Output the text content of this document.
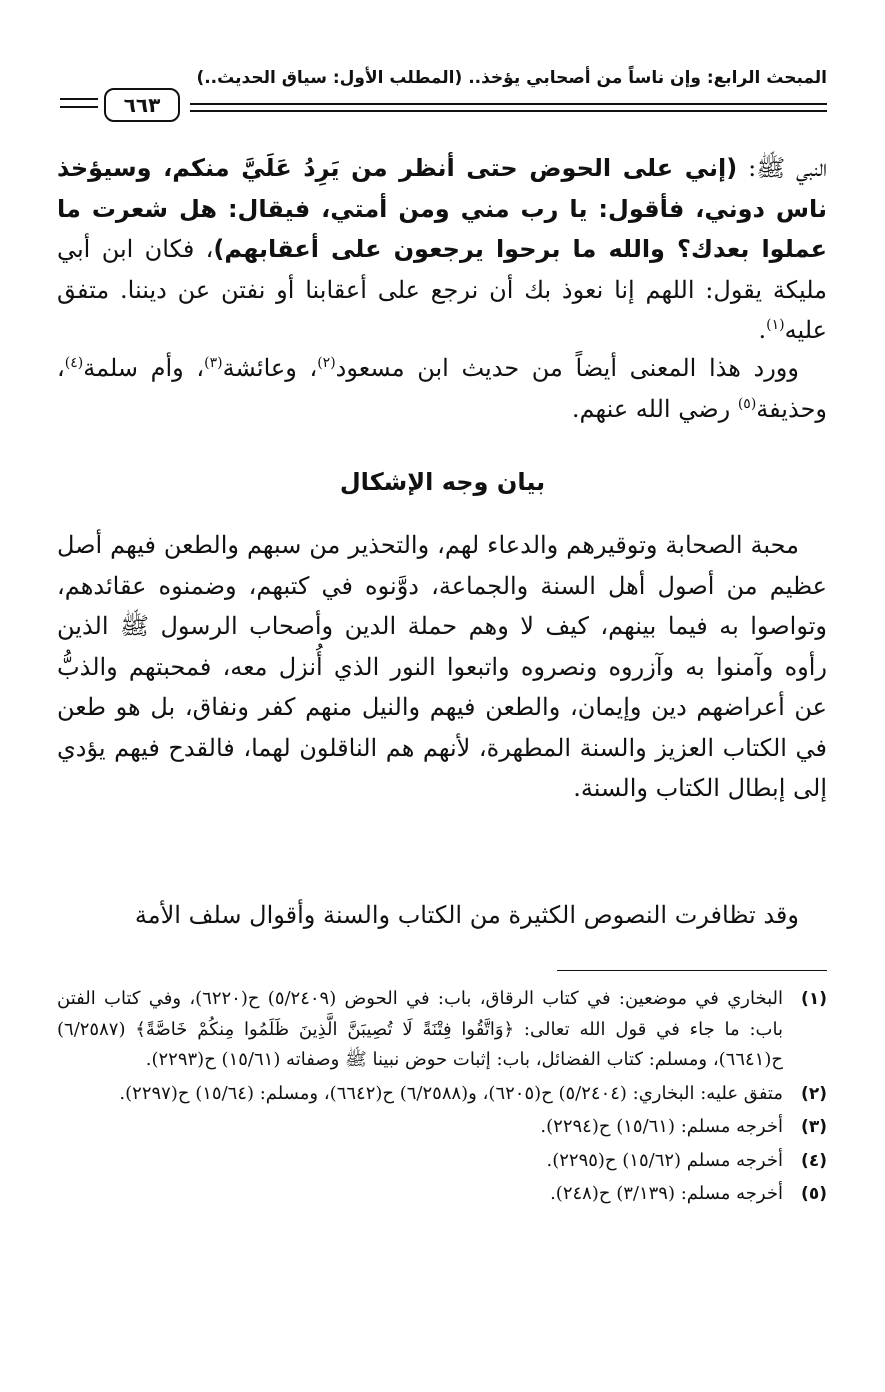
المبحث الرابع: وإن ناساً من أصحابي يؤخذ.. (المطلب الأول: سياق الحديث..)
٦٦٣
النبي ﷺ: (إني على الحوض حتى أنظر من يَرِدُ عَلَيَّ منكم، وسيؤخذ ناس دوني، فأقول: يا رب مني ومن أمتي، فيقال: هل شعرت ما عملوا بعدك؟ والله ما برحوا يرجعون على أعقابهم)، فكان ابن أبي مليكة يقول: اللهم إنا نعوذ بك أن نرجع على أعقابنا أو نفتن عن ديننا. متفق عليه$^{(١)}$.
وورد هذا المعنى أيضاً من حديث ابن مسعود$^{(٢)}$، وعائشة$^{(٣)}$، وأم سلمة$^{(٤)}$، وحذيفة$^{(٥)}$ رضي الله عنهم.
بيان وجه الإشكال
محبة الصحابة وتوقيرهم والدعاء لهم، والتحذير من سبهم والطعن فيهم أصل عظيم من أصول أهل السنة والجماعة، دوَّنوه في كتبهم، وضمنوه عقائدهم، وتواصوا به فيما بينهم، كيف لا وهم حملة الدين وأصحاب الرسول ﷺ الذين رأوه وآمنوا به وآزروه ونصروه واتبعوا النور الذي أُنزل معه، فمحبتهم والذبُّ عن أعراضهم دين وإيمان، والطعن فيهم والنيل منهم كفر ونفاق، بل هو طعن في الكتاب العزيز والسنة المطهرة، لأنهم هم الناقلون لهما، فالقدح فيهم يؤدي إلى إبطال الكتاب والسنة.
وقد تظافرت النصوص الكثيرة من الكتاب والسنة وأقوال سلف الأمة
(١)
البخاري في موضعين: في كتاب الرقاق، باب: في الحوض (٥/٢٤٠٩) ح(٦٢٢٠)، وفي كتاب الفتن باب: ما جاء في قول الله تعالى: ﴿وَاتَّقُوا فِتْنَةً لَا تُصِيبَنَّ الَّذِينَ ظَلَمُوا مِنكُمْ خَاصَّةً﴾ (٦/٢٥٨٧) ح(٦٦٤١)، ومسلم: كتاب الفضائل، باب: إثبات حوض نبينا ﷺ وصفاته (١٥/٦١) ح(٢٢٩٣).
(٢)
متفق عليه: البخاري: (٥/٢٤٠٤) ح(٦٢٠٥)، و(٦/٢٥٨٨) ح(٦٦٤٢)، ومسلم: (١٥/٦٤) ح(٢٢٩٧).
(٣)
أخرجه مسلم: (١٥/٦١) ح(٢٢٩٤).
(٤)
أخرجه مسلم (١٥/٦٢) ح(٢٢٩٥).
(٥)
أخرجه مسلم: (٣/١٣٩) ح(٢٤٨).
